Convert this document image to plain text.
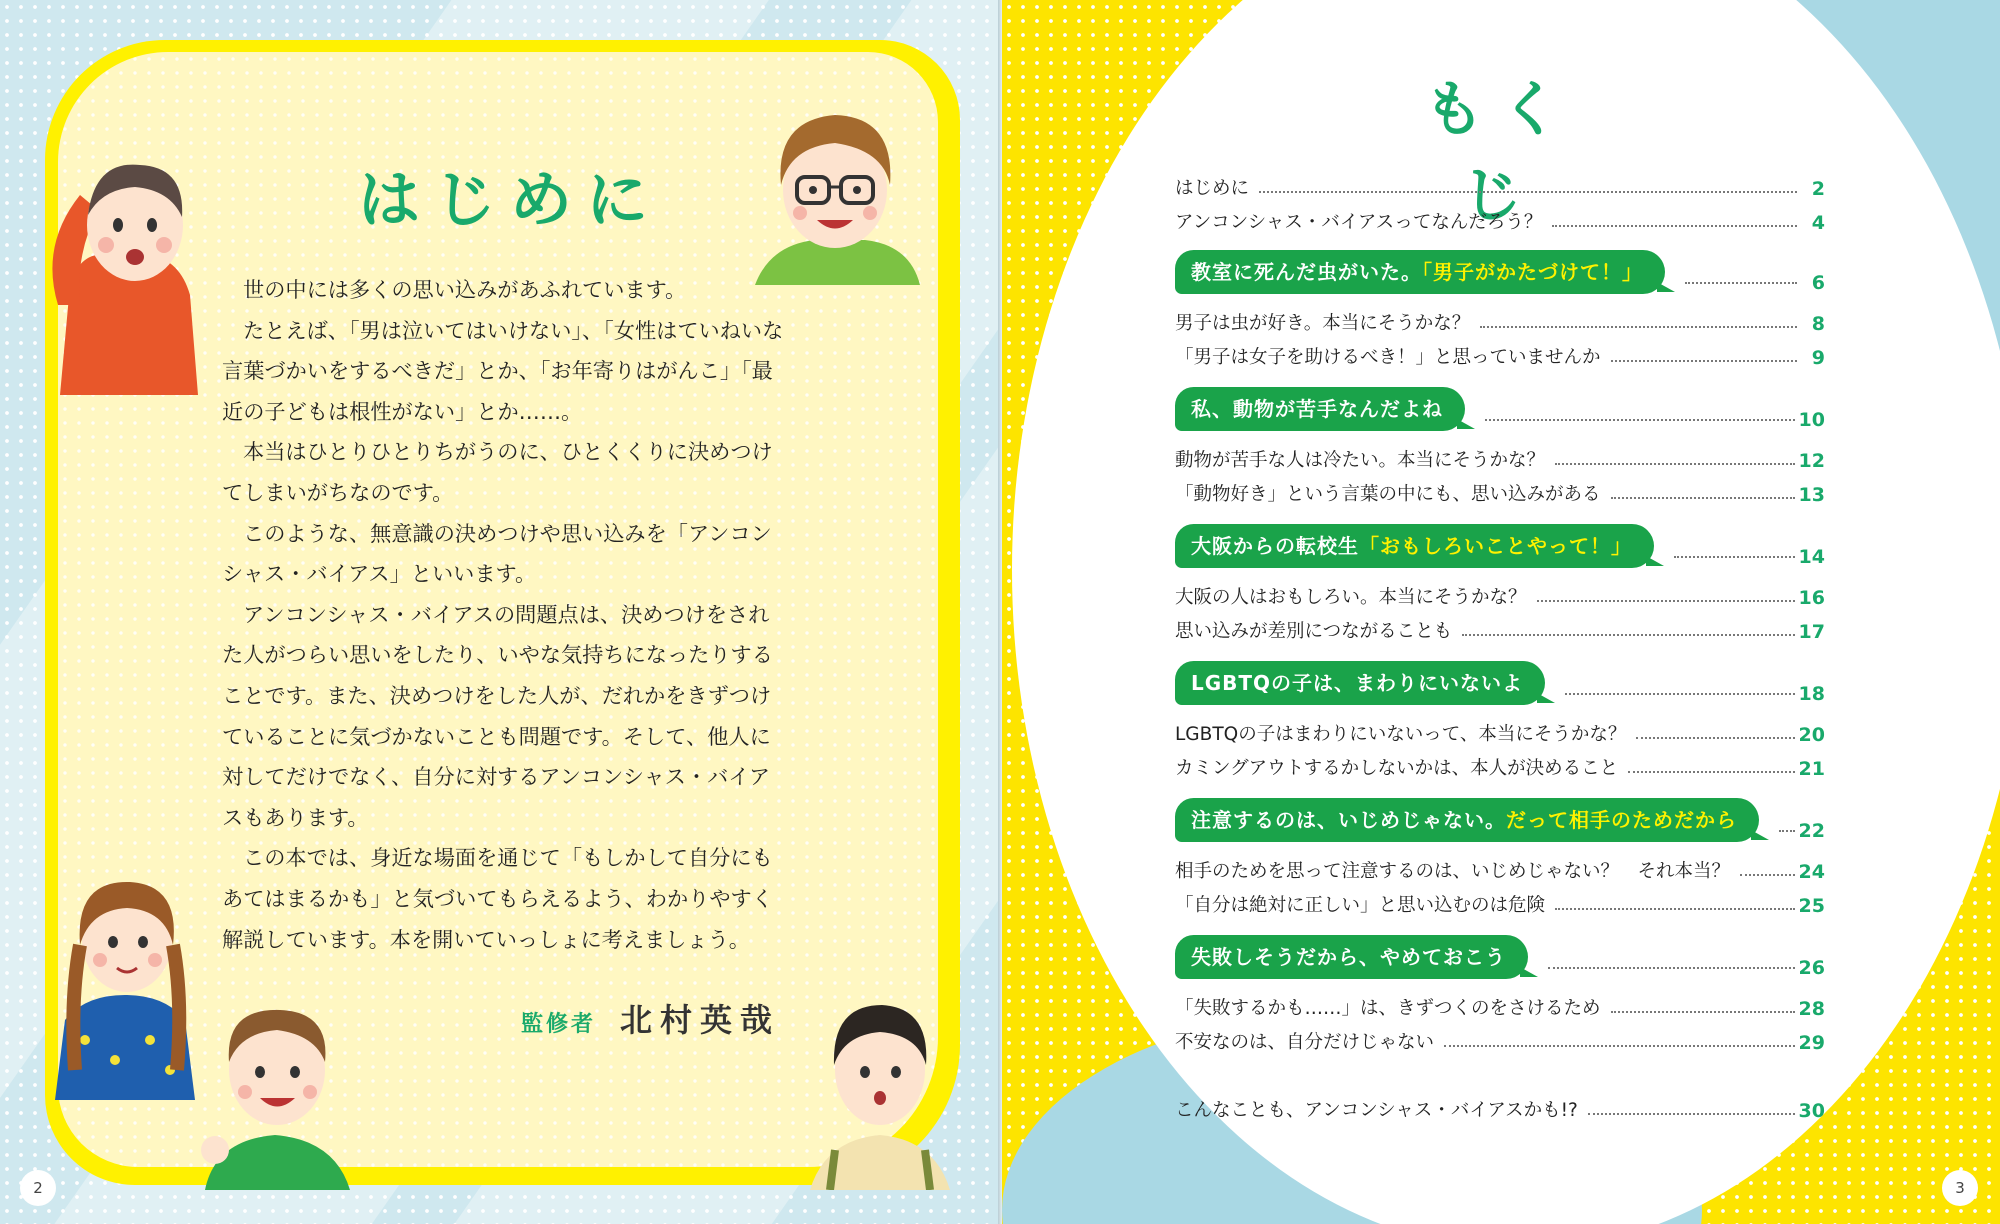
はじめに

世の中には多くの思い込みがあふれています。

たとえば、「男は泣いてはいけない」、「女性はていねいな言葉づかいをするべきだ」とか、「お年寄りはがんこ」「最近の子どもは根性がない」とか……。

本当はひとりひとりちがうのに、ひとくくりに決めつけてしまいがちなのです。

このような、無意識の決めつけや思い込みを「アンコンシャス・バイアス」といいます。

アンコンシャス・バイアスの問題点は、決めつけをされた人がつらい思いをしたり、いやな気持ちになったりすることです。また、決めつけをした人が、だれかをきずつけていることに気づかないことも問題です。そして、他人に対してだけでなく、自分に対するアンコンシャス・バイアスもあります。

この本では、身近な場面を通じて「もしかして自分にもあてはまるかも」と気づいてもらえるよう、わかりやすく解説しています。本を開いていっしょに考えましょう。

監修者 北村英哉
2	3
もくじ
はじめに	2
アンコンシャス・バイアスってなんだろう？	4
教室に死んだ虫がいた。「男子がかたづけて！」	6
男子は虫が好き。本当にそうかな？	8
「男子は女子を助けるべき！」と思っていませんか	9
私、動物が苦手なんだよね	10
動物が苦手な人は冷たい。本当にそうかな？	12
「動物好き」という言葉の中にも、思い込みがある	13
大阪からの転校生「おもしろいことやって！」	14
大阪の人はおもしろい。本当にそうかな？	16
思い込みが差別につながることも	17
LGBTQの子は、まわりにいないよ	18
LGBTQの子はまわりにいないって、本当にそうかな？	20
カミングアウトするかしないかは、本人が決めること	21
注意するのは、いじめじゃない。だって相手のためだから	22
相手のためを思って注意するのは、いじめじゃない？　それ本当？	24
「自分は絶対に正しい」と思い込むのは危険	25
失敗しそうだから、やめておこう	26
「失敗するかも……」は、きずつくのをさけるため	28
不安なのは、自分だけじゃない	29
こんなことも、アンコンシャス・バイアスかも!?	30
